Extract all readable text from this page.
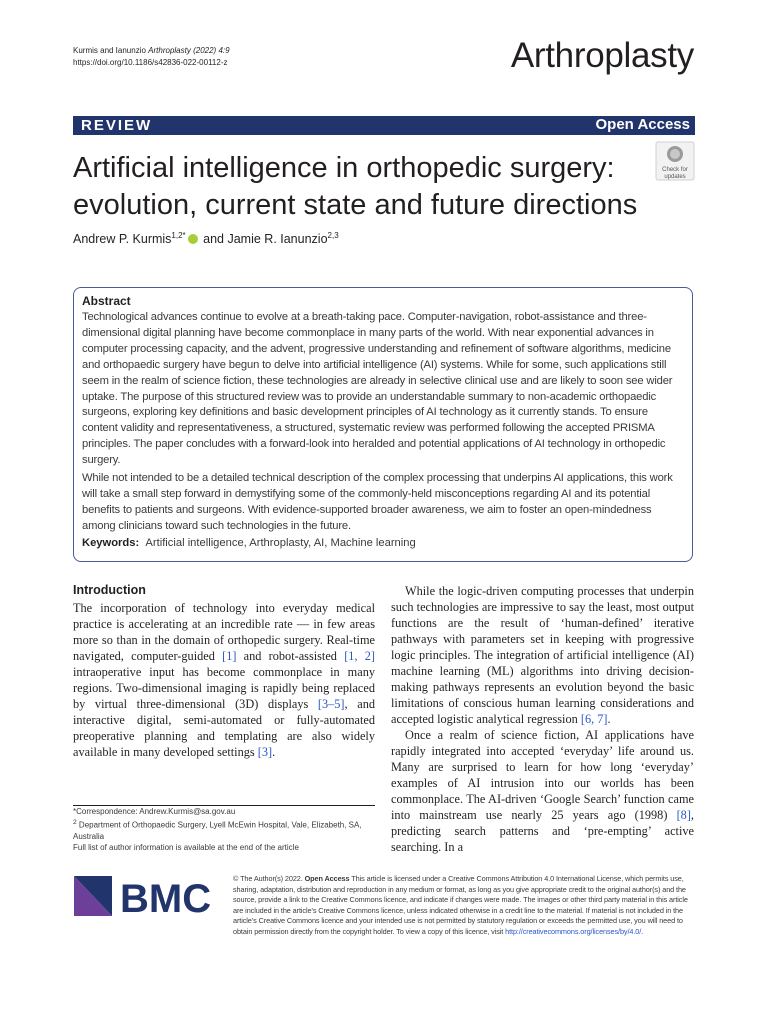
Kurmis and Ianunzio Arthroplasty (2022) 4:9
https://doi.org/10.1186/s42836-022-00112-z	Arthroplasty
REVIEW	Open Access
Artificial intelligence in orthopedic surgery:
evolution, current state and future directions
Check for
updates
Andrew P. Kurmis$^{1,2*}$ and Jamie R. Ianunzio$^{2,3}$
Abstract

Technological advances continue to evolve at a breath-taking pace. Computer-navigation, robot-assistance and three-dimensional digital planning have become commonplace in many parts of the world. With near exponential advances in computer processing capacity, and the advent, progressive understanding and refinement of software algorithms, medicine and orthopaedic surgery have begun to delve into artificial intelligence (AI) systems. While for some, such applications still seem in the realm of science fiction, these technologies are already in selective clinical use and are likely to soon see wider uptake. The purpose of this structured review was to provide an understandable summary to non-academic orthopaedic surgeons, exploring key definitions and basic development principles of AI technology as it currently stands. To ensure content validity and representativeness, a structured, systematic review was performed following the accepted PRISMA principles. The paper concludes with a forward-look into heralded and potential applications of AI technology in orthopedic surgery.

While not intended to be a detailed technical description of the complex processing that underpins AI applications, this work will take a small step forward in demystifying some of the commonly-held misconceptions regarding AI and its potential benefits to patients and surgeons. With evidence-supported broader awareness, we aim to foster an open-mindedness among clinicians toward such technologies in the future.

Keywords: Artificial intelligence, Arthroplasty, AI, Machine learning
Introduction

The incorporation of technology into everyday medical practice is accelerating at an incredible rate — in few areas more so than in the domain of orthopedic surgery. Real-time navigated, computer-guided [1] and robot-assisted [1, 2] intraoperative input has become commonplace in many regions. Two-dimensional imaging is rapidly being replaced by virtual three-dimensional (3D) displays [3–5], and interactive digital, semi-automated or fully-automated preoperative planning and templating are also widely available in many developed settings [3].

While the logic-driven computing processes that underpin such technologies are impressive to say the least, most output functions are the result of ‘human-defined’ iterative pathways with parameters set in keeping with progressive logic principles. The integration of artificial intelligence (AI) machine learning (ML) algorithms into driving decision-making pathways represents an evolution beyond the basic limitations of conscious human learning considerations and accepted logistic analytical regression [6, 7].

Once a realm of science fiction, AI applications have rapidly integrated into accepted ‘everyday’ life around us. Many are surprised to learn for how long ‘everyday’ examples of AI intrusion into our worlds has been commonplace. The AI-driven ‘Google Search’ function came into mainstream use nearly 25 years ago (1998) [8], predicting search patterns and ‘pre-empting’ active searching. In a

*Correspondence: Andrew.Kurmis@sa.gov.au

$^2$ Department of Orthopaedic Surgery, Lyell McEwin Hospital, Vale, Elizabeth, SA, Australia

Full list of author information is available at the end of the article

BMC	© The Author(s) 2022. Open Access This article is licensed under a Creative Commons Attribution 4.0 International License, which permits use, sharing, adaptation, distribution and reproduction in any medium or format, as long as you give appropriate credit to the original author(s) and the source, provide a link to the Creative Commons licence, and indicate if changes were made. The images or other third party material in this article are included in the article’s Creative Commons licence, unless indicated otherwise in a credit line to the material. If material is not included in the article’s Creative Commons licence and your intended use is not permitted by statutory regulation or exceeds the permitted use, you will need to obtain permission directly from the copyright holder. To view a copy of this licence, visit http://creativecommons.org/licenses/by/4.0/.
